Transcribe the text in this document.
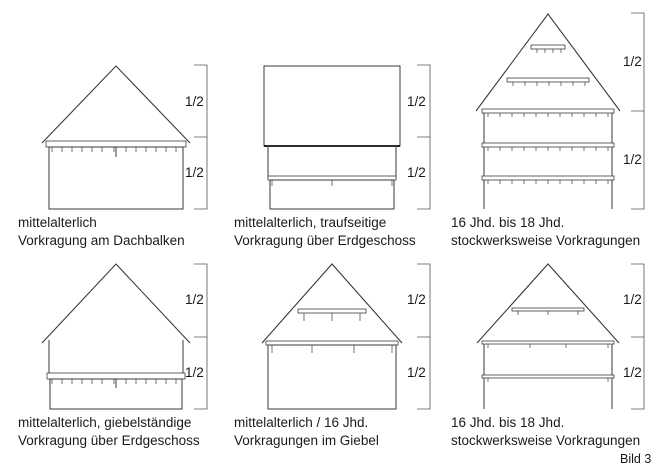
1/2
1/2
mittelalterlich
Vorkragung am Dachbalken
1/2
1/2
mittelalterlich, traufseitige
Vorkragung über Erdgeschoss
1/2
1/2
16 Jhd. bis 18 Jhd.
stockwerksweise Vorkragungen
1/2
1/2
mittelalterlich, giebelständige
Vorkragung über Erdgeschoss
1/2
1/2
mittelalterlich / 16 Jhd.
Vorkragungen im Giebel
1/2
1/2
16 Jhd. bis 18 Jhd.
stockwerksweise Vorkragungen
Bild 3
